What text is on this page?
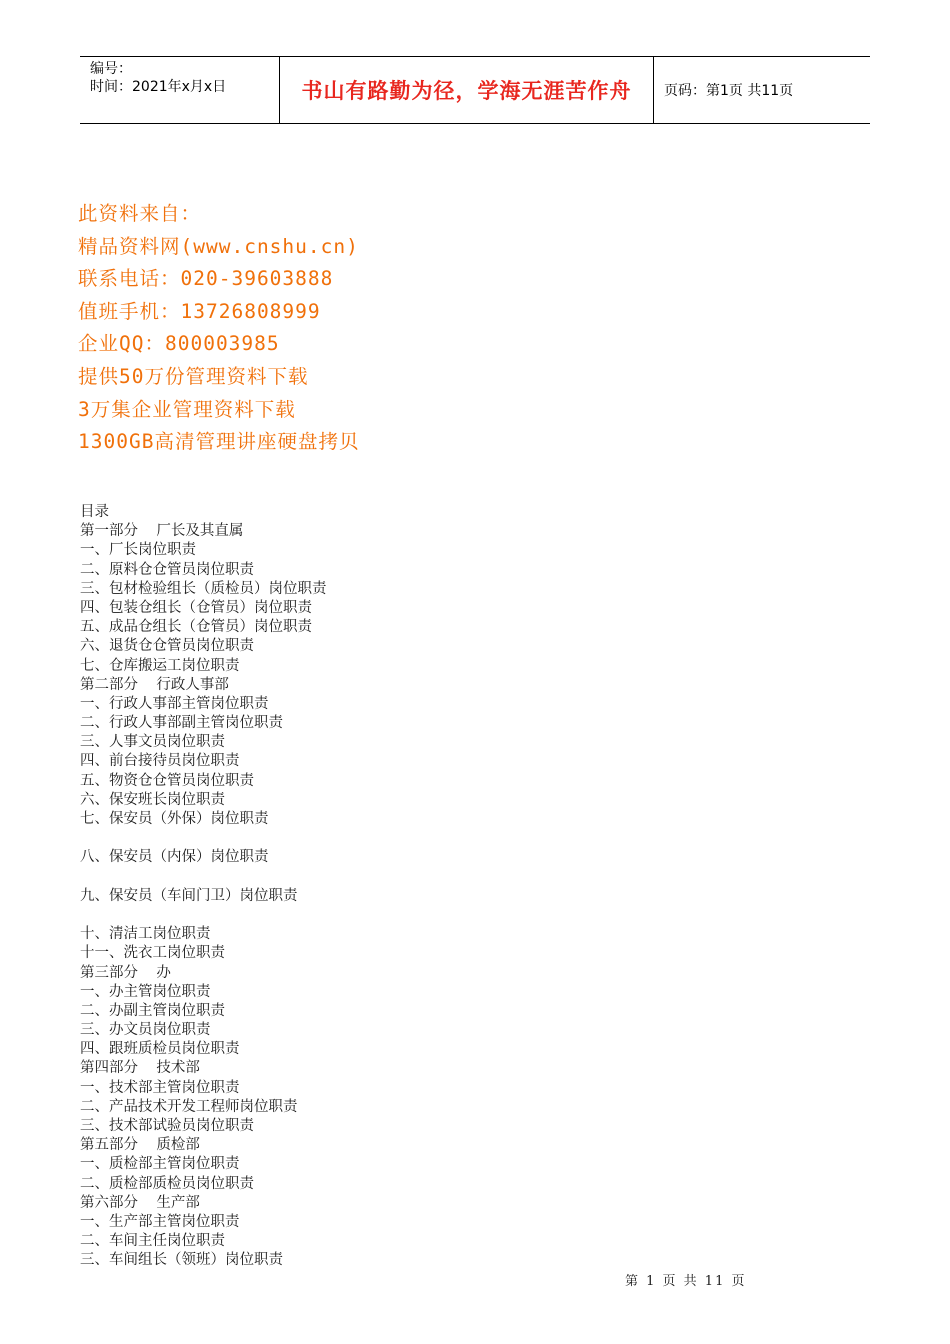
编号：
时间：2021年x月x日	书山有路勤为径，学海无涯苦作舟	页码：第1页 共11页
此资料来自：
精品资料网(www.cnshu.cn)
联系电话：020-39603888
值班手机：13726808999
企业QQ：800003985
提供50万份管理资料下载
3万集企业管理资料下载
1300GB高清管理讲座硬盘拷贝
目录
第一部分    厂长及其直属
一、厂长岗位职责
二、原料仓仓管员岗位职责
三、包材检验组长（质检员）岗位职责
四、包装仓组长（仓管员）岗位职责
五、成品仓组长（仓管员）岗位职责
六、退货仓仓管员岗位职责
七、仓库搬运工岗位职责
第二部分    行政人事部
一、行政人事部主管岗位职责
二、行政人事部副主管岗位职责
三、人事文员岗位职责
四、前台接待员岗位职责
五、物资仓仓管员岗位职责
六、保安班长岗位职责
七、保安员（外保）岗位职责
八、保安员（内保）岗位职责
九、保安员（车间门卫）岗位职责
十、清洁工岗位职责
十一、洗衣工岗位职责
第三部分    办
一、办主管岗位职责
二、办副主管岗位职责
三、办文员岗位职责
四、跟班质检员岗位职责
第四部分    技术部
一、技术部主管岗位职责
二、产品技术开发工程师岗位职责
三、技术部试验员岗位职责
第五部分    质检部
一、质检部主管岗位职责
二、质检部质检员岗位职责
第六部分    生产部
一、生产部主管岗位职责
二、车间主任岗位职责
三、车间组长（领班）岗位职责
第 1 页 共 11 页
